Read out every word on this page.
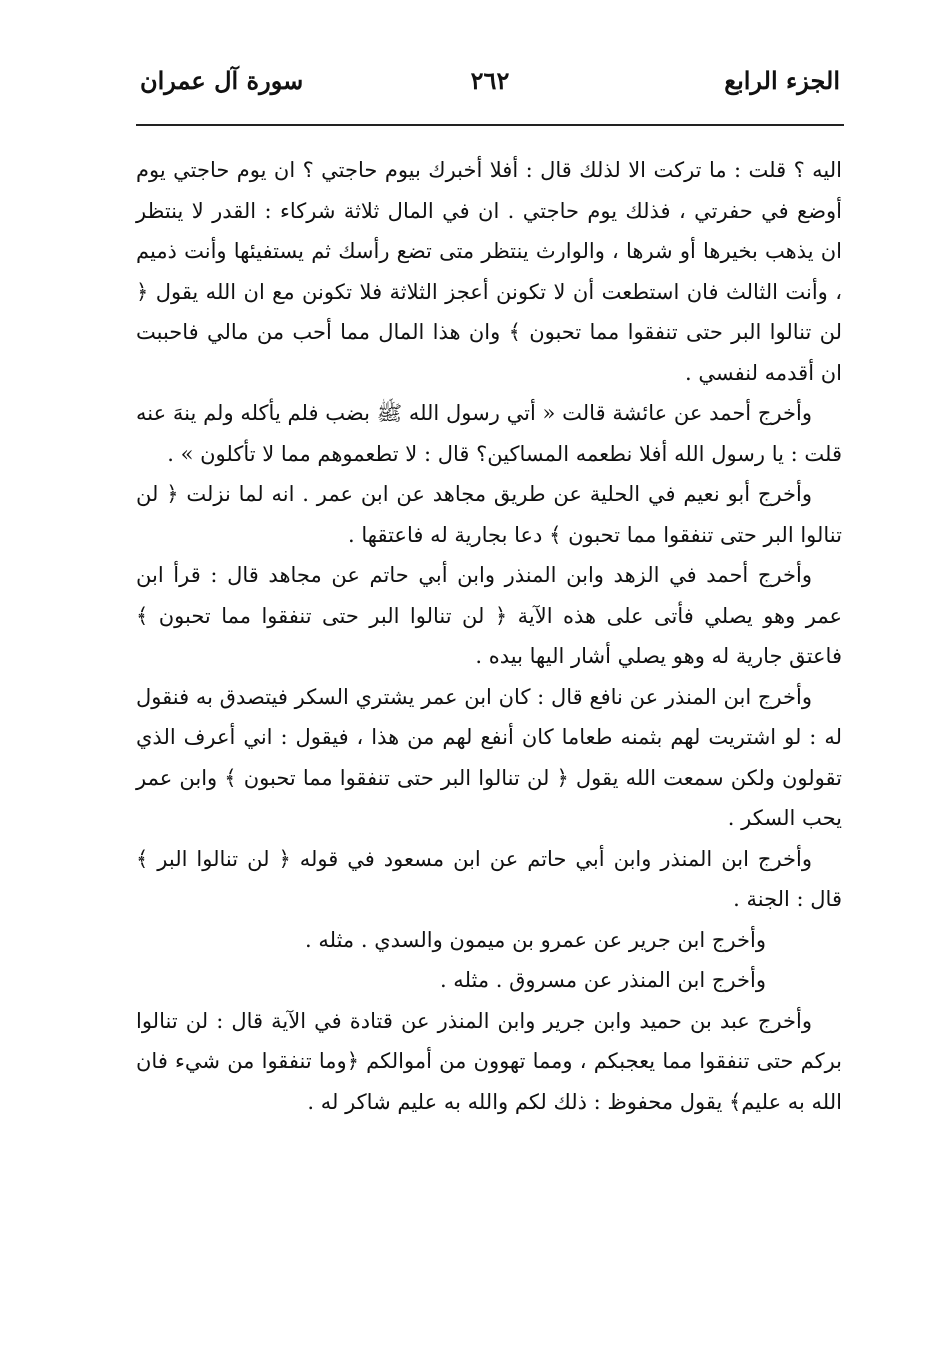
الجزء الرابع
٢٦٢
سورة آل عمران

اليه ؟ قلت : ما تركت الا لذلك قال : أفلا أخبرك بيوم حاجتي ؟ ان يوم حاجتي يوم أوضع في حفرتي ، فذلك يوم حاجتي . ان في المال ثلاثة شركاء : القدر لا ينتظر ان يذهب بخيرها أو شرها ، والوارث ينتظر متى تضع رأسك ثم يستفيئها وأنت ذميم ، وأنت الثالث فان استطعت أن لا تكونن أعجز الثلاثة فلا تكونن مع ان الله يقول ﴿ لن تنالوا البر حتى تنفقوا مما تحبون ﴾ وان هذا المال مما أحب من مالي فاحببت ان أقدمه لنفسي .

وأخرج أحمد عن عائشة قالت « أتي رسول الله ﷺ بضب فلم يأكله ولم ينهَ عنه قلت : يا رسول الله أفلا نطعمه المساكين؟ قال : لا تطعموهم مما لا تأكلون » .

وأخرج أبو نعيم في الحلية عن طريق مجاهد عن ابن عمر . انه لما نزلت ﴿ لن تنالوا البر حتى تنفقوا مما تحبون ﴾ دعا بجارية له فاعتقها .

وأخرج أحمد في الزهد وابن المنذر وابن أبي حاتم عن مجاهد قال : قرأ ابن عمر وهو يصلي فأتى على هذه الآية ﴿ لن تنالوا البر حتى تنفقوا مما تحبون ﴾ فاعتق جارية له وهو يصلي أشار اليها بيده .

وأخرج ابن المنذر عن نافع قال : كان ابن عمر يشتري السكر فيتصدق به فنقول له : لو اشتريت لهم بثمنه طعاما كان أنفع لهم من هذا ، فيقول : اني أعرف الذي تقولون ولكن سمعت الله يقول ﴿ لن تنالوا البر حتى تنفقوا مما تحبون ﴾ وابن عمر يحب السكر .

وأخرج ابن المنذر وابن أبي حاتم عن ابن مسعود في قوله ﴿ لن تنالوا البر ﴾ قال : الجنة .

وأخرج ابن جرير عن عمرو بن ميمون والسدي . مثله .

وأخرج ابن المنذر عن مسروق . مثله .

وأخرج عبد بن حميد وابن جرير وابن المنذر عن قتادة في الآية قال : لن تنالوا بركم حتى تنفقوا مما يعجبكم ، ومما تهوون من أموالكم ﴿وما تنفقوا من شيء فان الله به عليم﴾ يقول محفوظ : ذلك لكم والله به عليم شاكر له .
